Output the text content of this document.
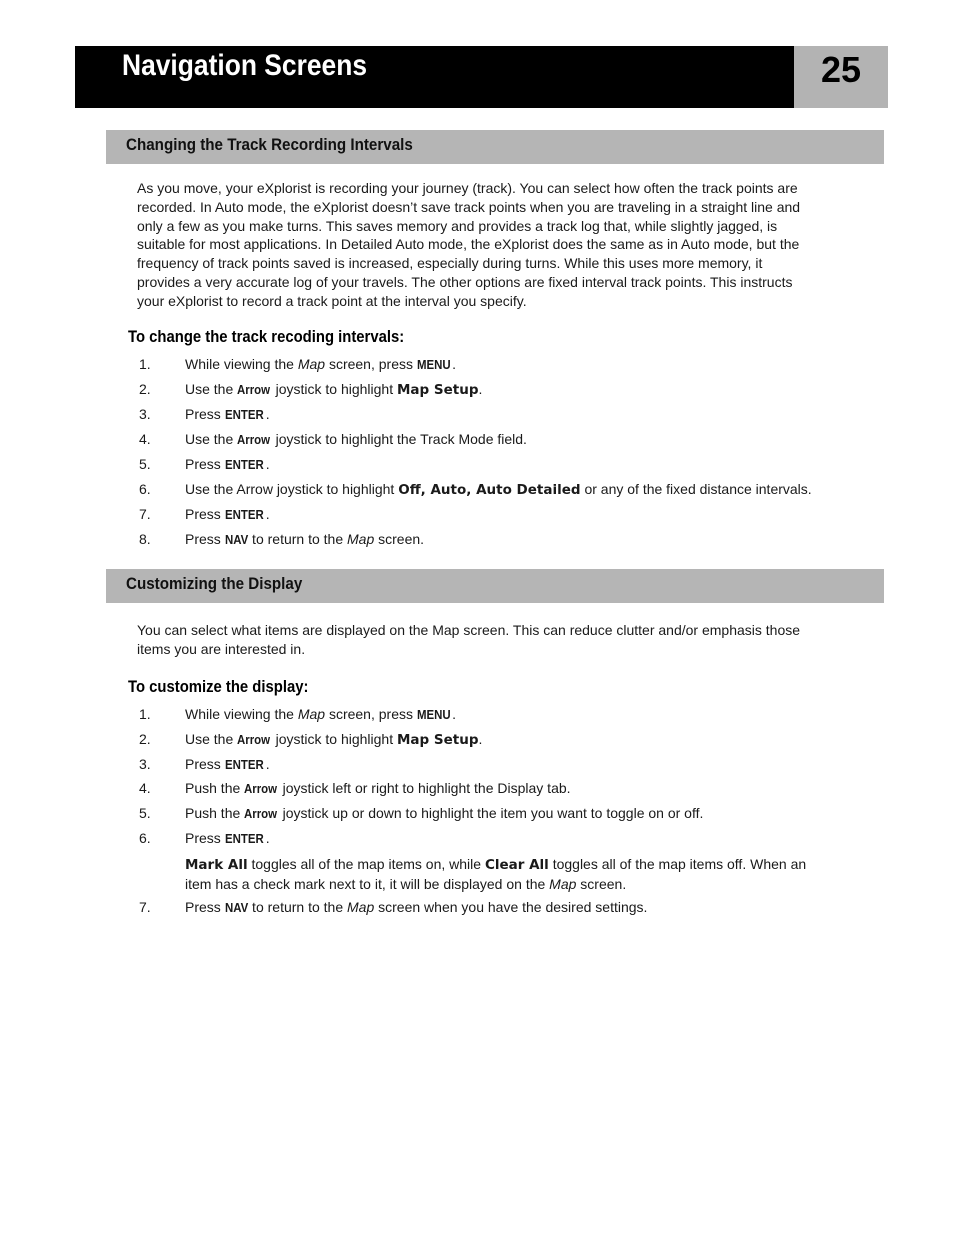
Navigation Screens	25
Changing the Track Recording Intervals
As you move, your eXplorist is recording your journey (track). You can select how often the track points are
recorded. In Auto mode, the eXplorist doesn’t save track points when you are traveling in a straight line and
only a few as you make turns. This saves memory and provides a track log that, while slightly jagged, is
suitable for most applications. In Detailed Auto mode, the eXplorist does the same as in Auto mode, but the
frequency of track points saved is increased, especially during turns. While this uses more memory, it
provides a very accurate log of your travels. The other options are fixed interval track points. This instructs
your eXplorist to record a track point at the interval you specify.
To change the track recoding intervals:
1.	While viewing the Map screen, press MENU .
2.	Use the Arrow joystick to highlight Map Setup.
3.	Press ENTER .
4.	Use the Arrow joystick to highlight the Track Mode field.
5.	Press ENTER .
6.	Use the Arrow joystick to highlight Off, Auto, Auto Detailed or any of the fixed distance intervals.
7.	Press ENTER .
8.	Press NAV to return to the Map screen.
Customizing the Display
You can select what items are displayed on the Map screen. This can reduce clutter and/or emphasis those
items you are interested in.
To customize the display:
1.	While viewing the Map screen, press MENU .
2.	Use the Arrow joystick to highlight Map Setup.
3.	Press ENTER .
4.	Push the Arrow joystick left or right to highlight the Display tab.
5.	Push the Arrow joystick up or down to highlight the item you want to toggle on or off.
6.	Press ENTER .
7.	Press NAV to return to the Map screen when you have the desired settings.
Mark All toggles all of the map items on, while Clear All toggles all of the map items off. When an
item has a check mark next to it, it will be displayed on the Map screen.
